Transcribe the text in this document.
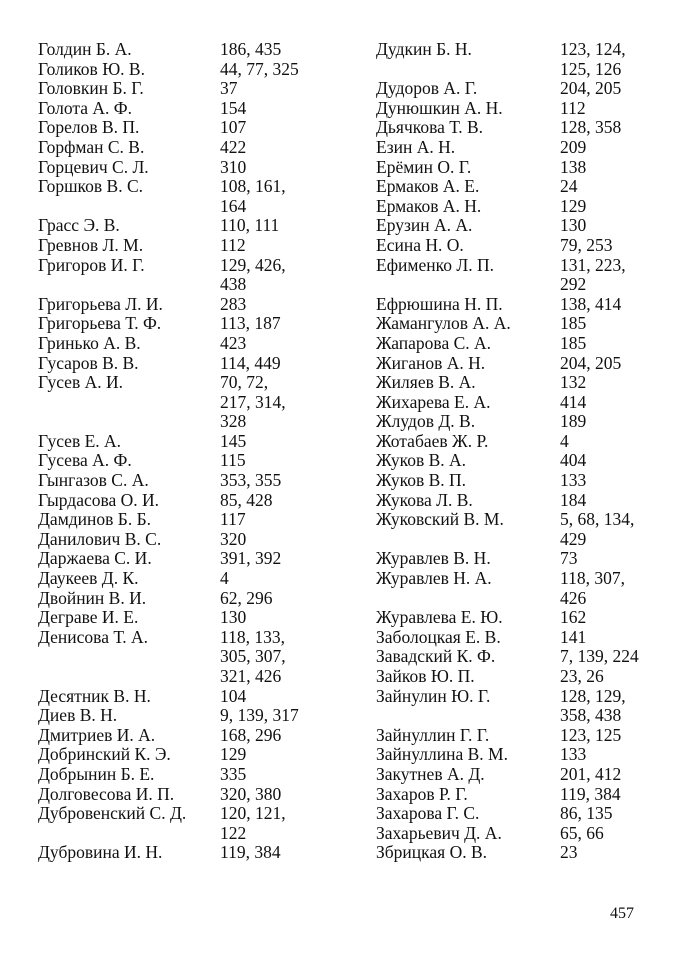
Голдин Б. А.	186, 435
Голиков Ю. В.	44, 77, 325
Головкин Б. Г.	37
Голота А. Ф.	154
Горелов В. П.	107
Горфман С. В.	422
Горцевич С. Л.	310
Горшков В. С.	108, 161,
164
Грасс Э. В.	110, 111
Гревнов Л. М.	112
Григоров И. Г.	129, 426,
438
Григорьева Л. И.	283
Григорьева Т. Ф.	113, 187
Гринько А. В.	423
Гусаров В. В.	114, 449
Гусев А. И.	70, 72,
217, 314,
328
Гусев Е. А.	145
Гусева А. Ф.	115
Гынгазов С. А.	353, 355
Гырдасова О. И.	85, 428
Дамдинов Б. Б.	117
Данилович В. С.	320
Даржаева С. И.	391, 392
Даукеев Д. К.	4
Двойнин В. И.	62, 296
Деграве И. Е.	130
Денисова Т. А.	118, 133,
305, 307,
321, 426
Десятник В. Н.	104
Диев В. Н.	9, 139, 317
Дмитриев И. А.	168, 296
Добринский К. Э.	129
Добрынин Б. Е.	335
Долговесова И. П.	320, 380
Дубровенский С. Д.	120, 121,
122
Дубровина И. Н.	119, 384
Дудкин Б. Н.	123, 124,
125, 126
Дудоров А. Г.	204, 205
Дунюшкин А. Н.	112
Дьячкова Т. В.	128, 358
Езин А. Н.	209
Ерёмин О. Г.	138
Ермаков А. Е.	24
Ермаков А. Н.	129
Ерузин А. А.	130
Есина Н. О.	79, 253
Ефименко Л. П.	131, 223,
292
Ефрюшина Н. П.	138, 414
Жамангулов А. А.	185
Жапарова С. А.	185
Жиганов А. Н.	204, 205
Жиляев В. А.	132
Жихарева Е. А.	414
Жлудов Д. В.	189
Жотабаев Ж. Р.	4
Жуков В. А.	404
Жуков В. П.	133
Жукова Л. В.	184
Жуковский В. М.	5, 68, 134,
429
Журавлев В. Н.	73
Журавлев Н. А.	118, 307,
426
Журавлева Е. Ю.	162
Заболоцкая Е. В.	141
Завадский К. Ф.	7, 139, 224
Зайков Ю. П.	23, 26
Зайнулин Ю. Г.	128, 129,
358, 438
Зайнуллин Г. Г.	123, 125
Зайнуллина В. М.	133
Закутнев А. Д.	201, 412
Захаров Р. Г.	119, 384
Захарова Г. С.	86, 135
Захарьевич Д. А.	65, 66
Збрицкая О. В.	23
457
